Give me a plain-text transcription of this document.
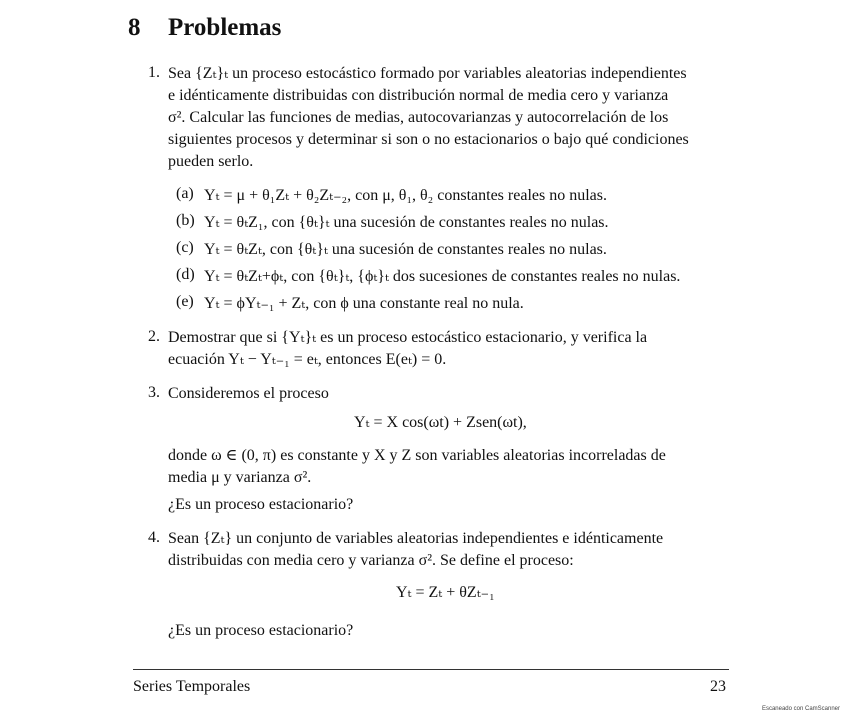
8 Problemas
1. Sea {Zₜ}ₜ un proceso estocástico formado por variables aleatorias independientes
e idénticamente distribuidas con distribución normal de media cero y varianza
σ². Calcular las funciones de medias, autocovarianzas y autocorrelación de los
siguientes procesos y determinar si son o no estacionarios o bajo qué condiciones
pueden serlo.
(a) Yₜ = μ + θ₁Zₜ + θ₂Zₜ₋₂, con μ, θ₁, θ₂ constantes reales no nulas.
(b) Yₜ = θₜZ₁, con {θₜ}ₜ una sucesión de constantes reales no nulas.
(c) Yₜ = θₜZₜ, con {θₜ}ₜ una sucesión de constantes reales no nulas.
(d) Yₜ = θₜZₜ+ϕₜ, con {θₜ}ₜ, {ϕₜ}ₜ dos sucesiones de constantes reales no nulas.
(e) Yₜ = ϕYₜ₋₁ + Zₜ, con ϕ una constante real no nula.
2. Demostrar que si {Yₜ}ₜ es un proceso estocástico estacionario, y verifica la
ecuación Yₜ − Yₜ₋₁ = eₜ, entonces E(eₜ) = 0.
3. Consideremos el proceso
Yₜ = X cos(ωt) + Zsen(ωt),
donde ω ∈ (0, π) es constante y X y Z son variables aleatorias incorreladas de
media μ y varianza σ².
¿Es un proceso estacionario?
4. Sean {Zₜ} un conjunto de variables aleatorias independientes e idénticamente
distribuidas con media cero y varianza σ². Se define el proceso:
Yₜ = Zₜ + θZₜ₋₁
¿Es un proceso estacionario?
Series Temporales	23
Escaneado con CamScanner
